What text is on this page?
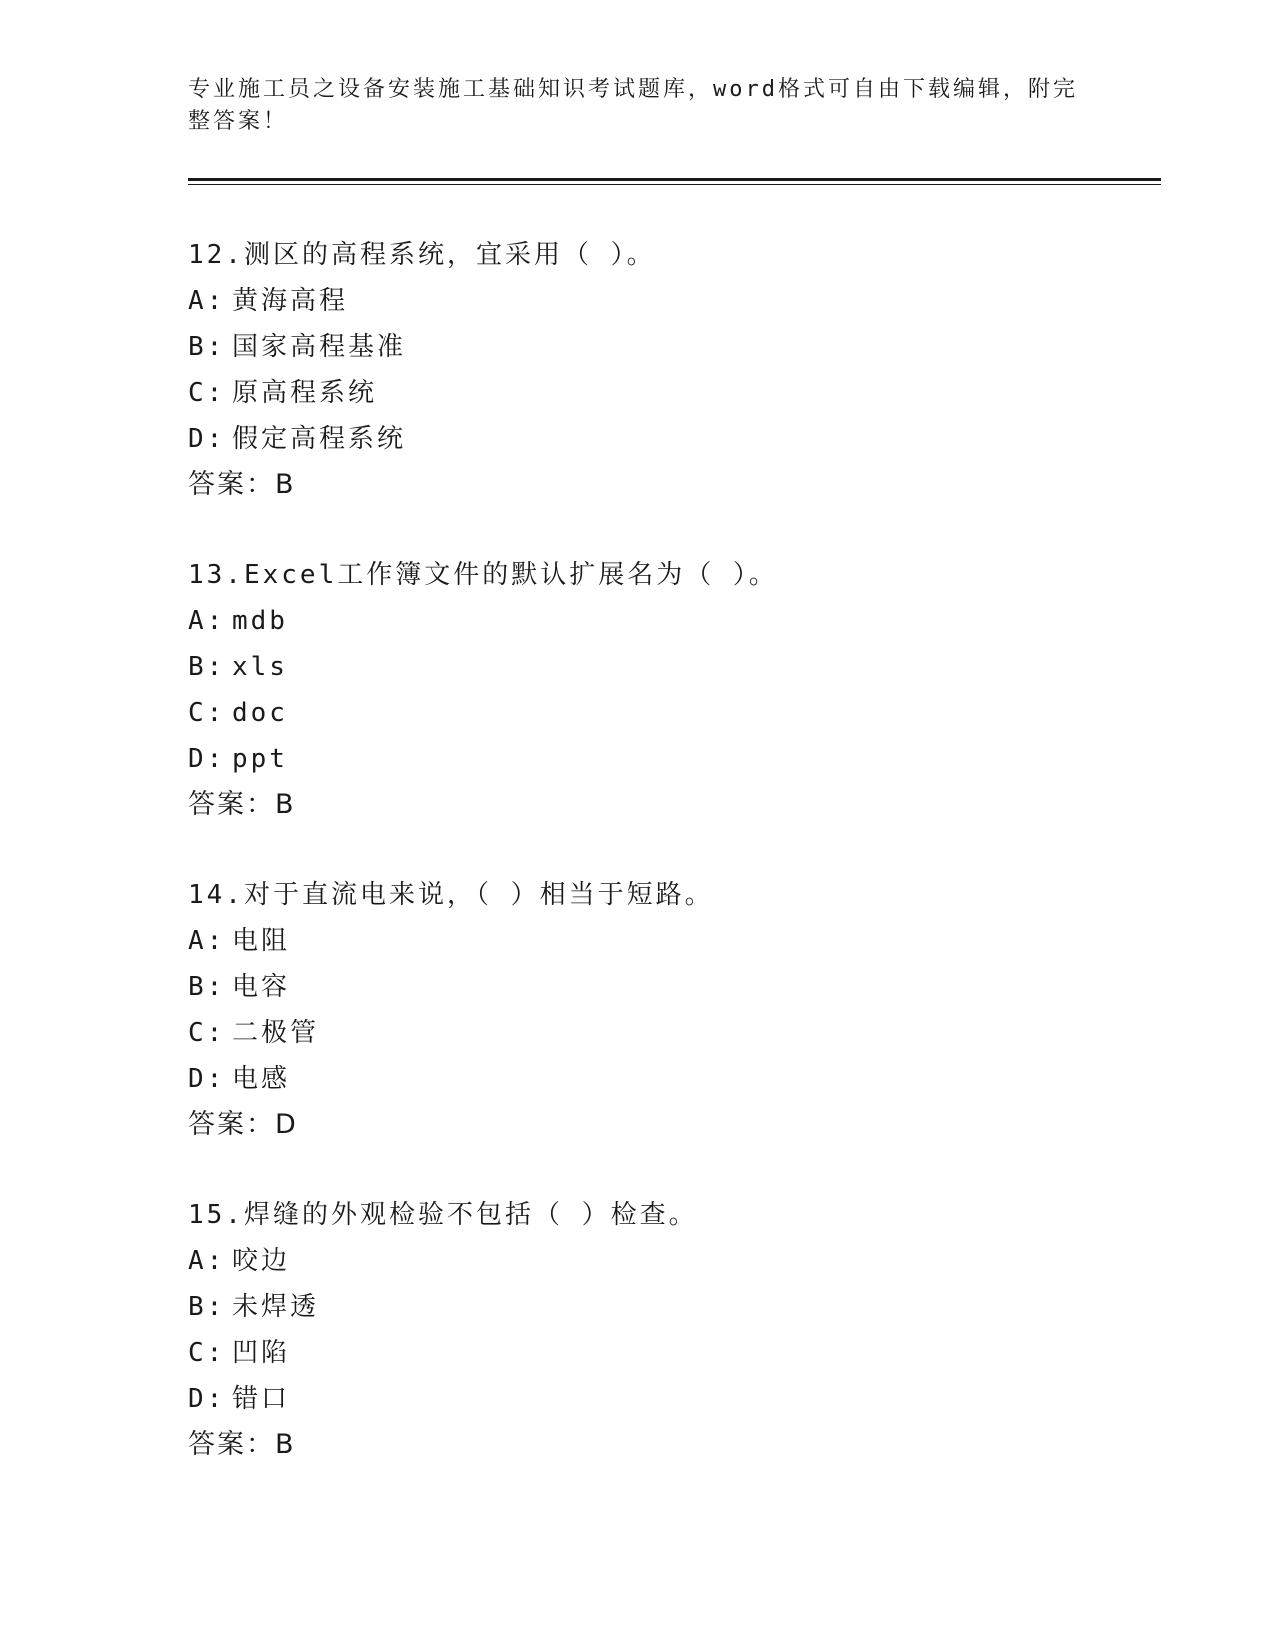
专业施工员之设备安装施工基础知识考试题库，word格式可自由下载编辑，附完
整答案！
12.测区的高程系统，宜采用（ ）。
A: 黄海高程
B: 国家高程基准
C: 原高程系统
D: 假定高程系统
答案：B
13.Excel工作簿文件的默认扩展名为（ ）。
A: mdb
B: xls
C: doc
D: ppt
答案：B
14.对于直流电来说，（ ）相当于短路。
A: 电阻
B: 电容
C: 二极管
D: 电感
答案：D
15.焊缝的外观检验不包括（ ）检查。
A: 咬边
B: 未焊透
C: 凹陷
D: 错口
答案：B
